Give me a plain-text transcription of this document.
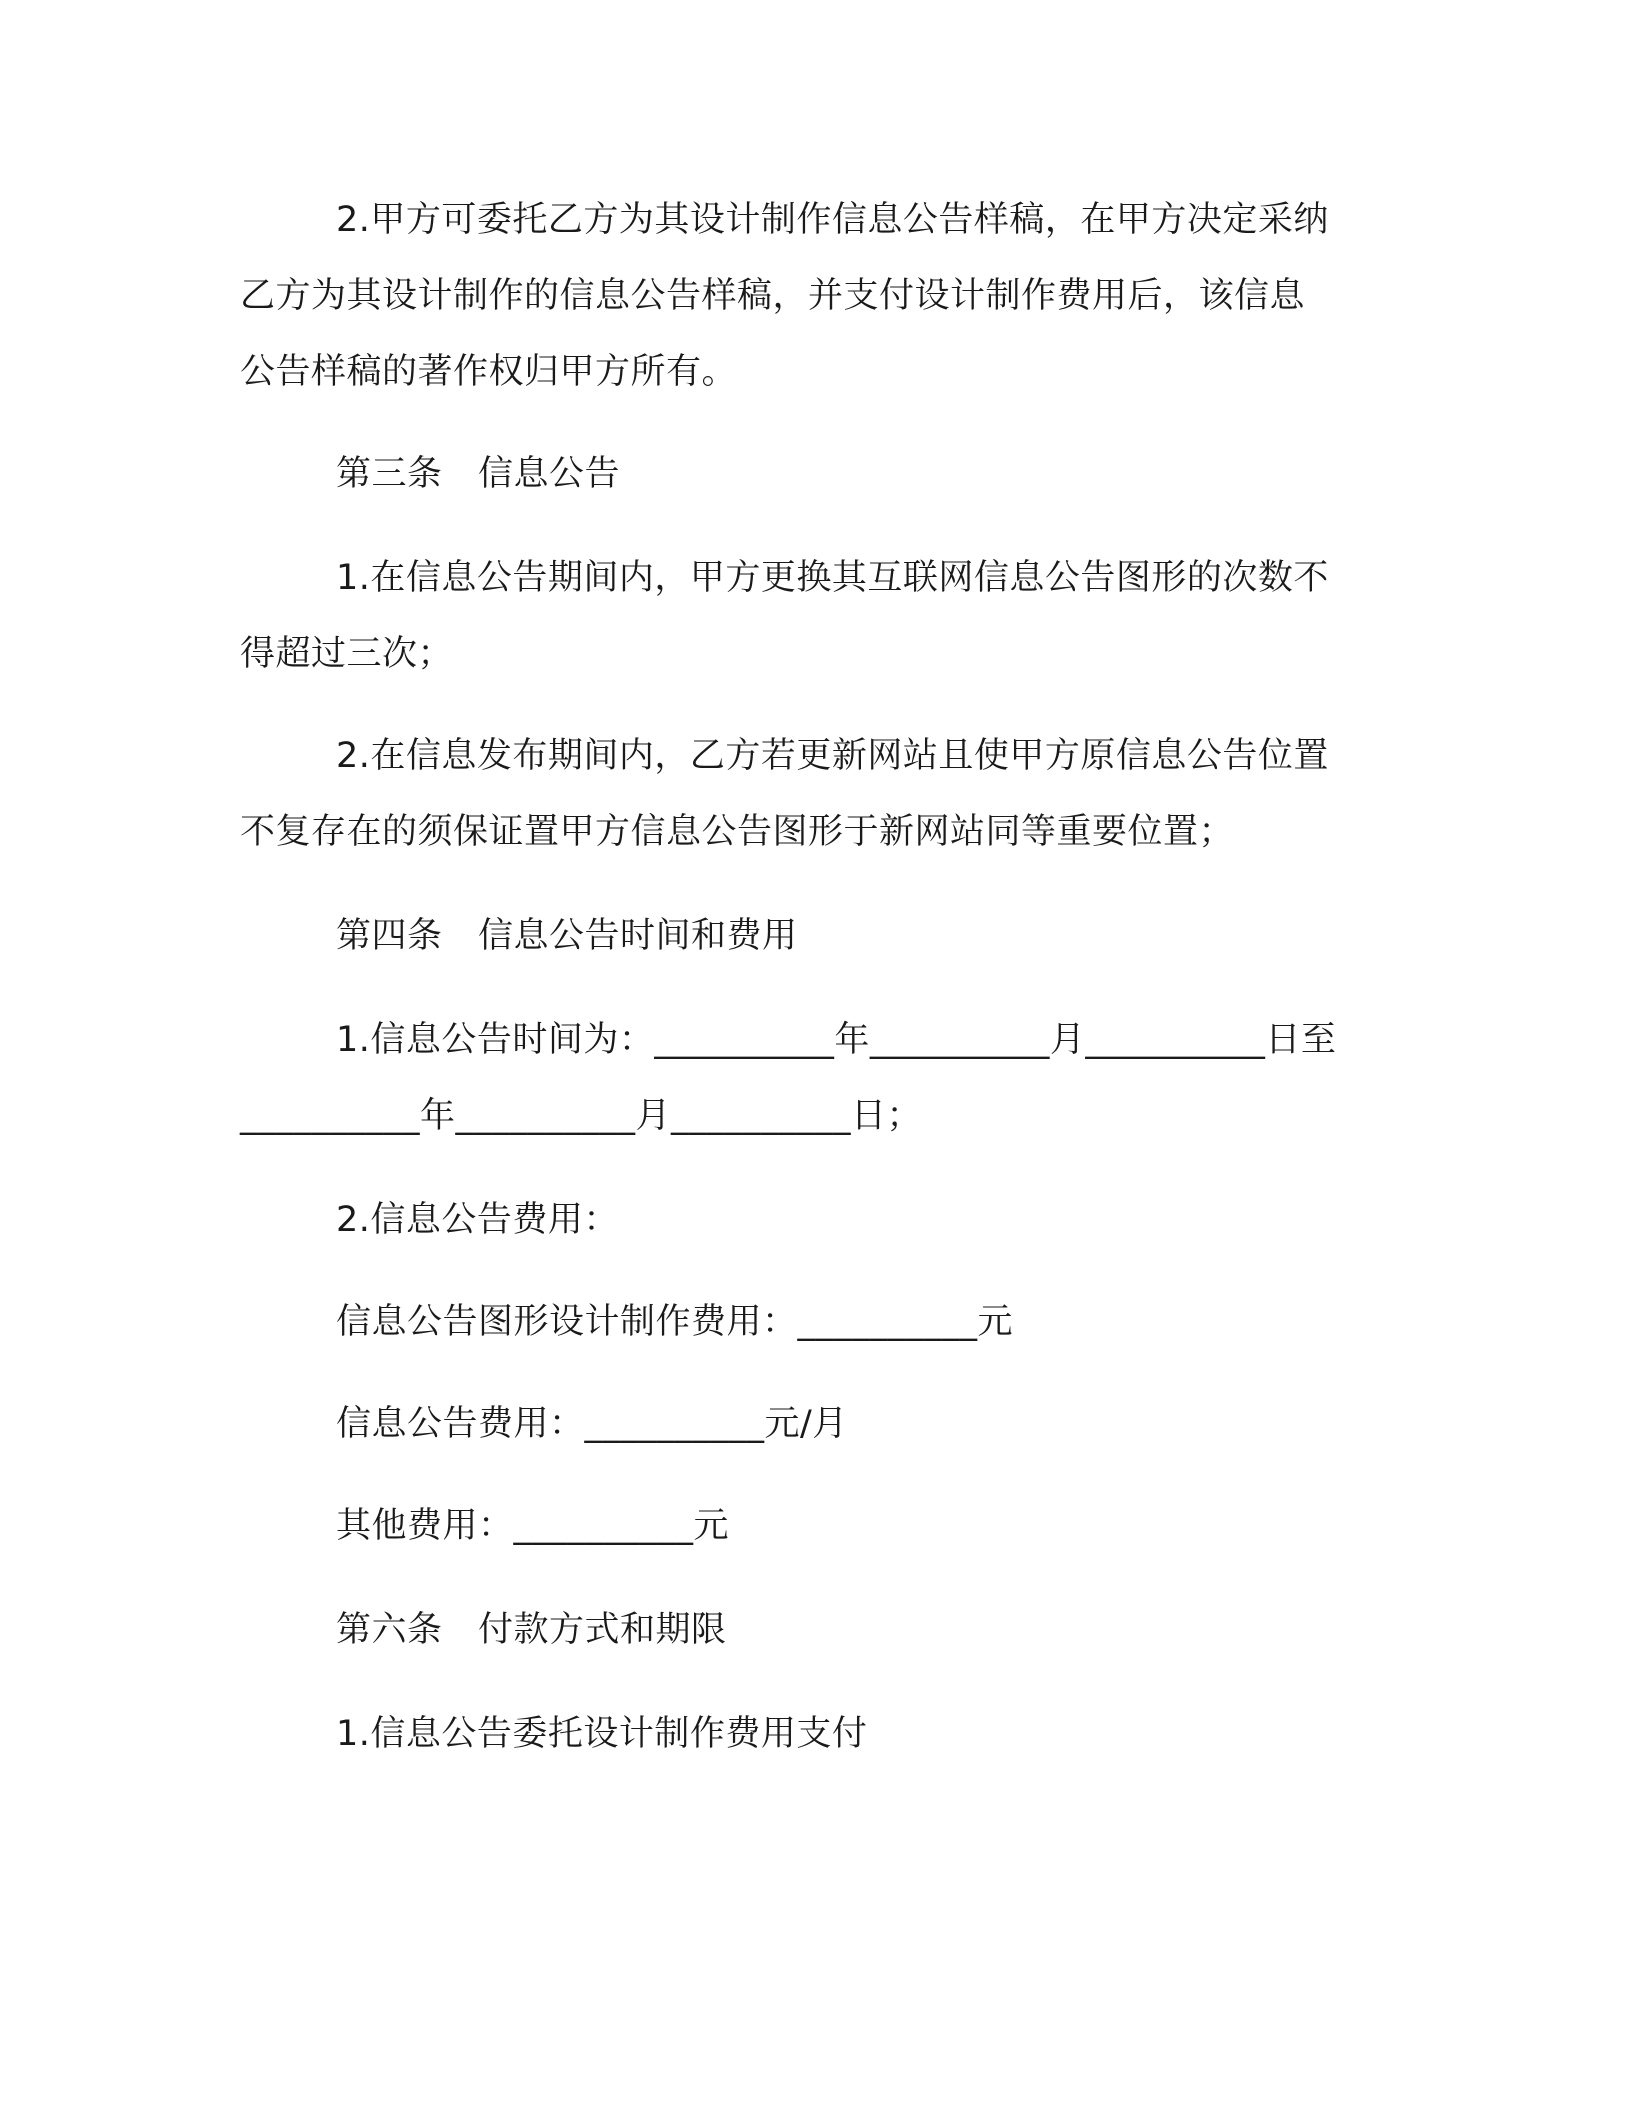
2.甲方可委托乙方为其设计制作信息公告样稿，在甲方决定采纳
乙方为其设计制作的信息公告样稿，并支付设计制作费用后，该信息
公告样稿的著作权归甲方所有。
第三条　信息公告
1.在信息公告期间内，甲方更换其互联网信息公告图形的次数不
得超过三次；
2.在信息发布期间内，乙方若更新网站且使甲方原信息公告位置
不复存在的须保证置甲方信息公告图形于新网站同等重要位置；
第四条　信息公告时间和费用
1.信息公告时间为：__________年__________月__________日至
__________年__________月__________日；
2.信息公告费用：
信息公告图形设计制作费用：__________元
信息公告费用：__________元/月
其他费用：__________元
第六条　付款方式和期限
1.信息公告委托设计制作费用支付
